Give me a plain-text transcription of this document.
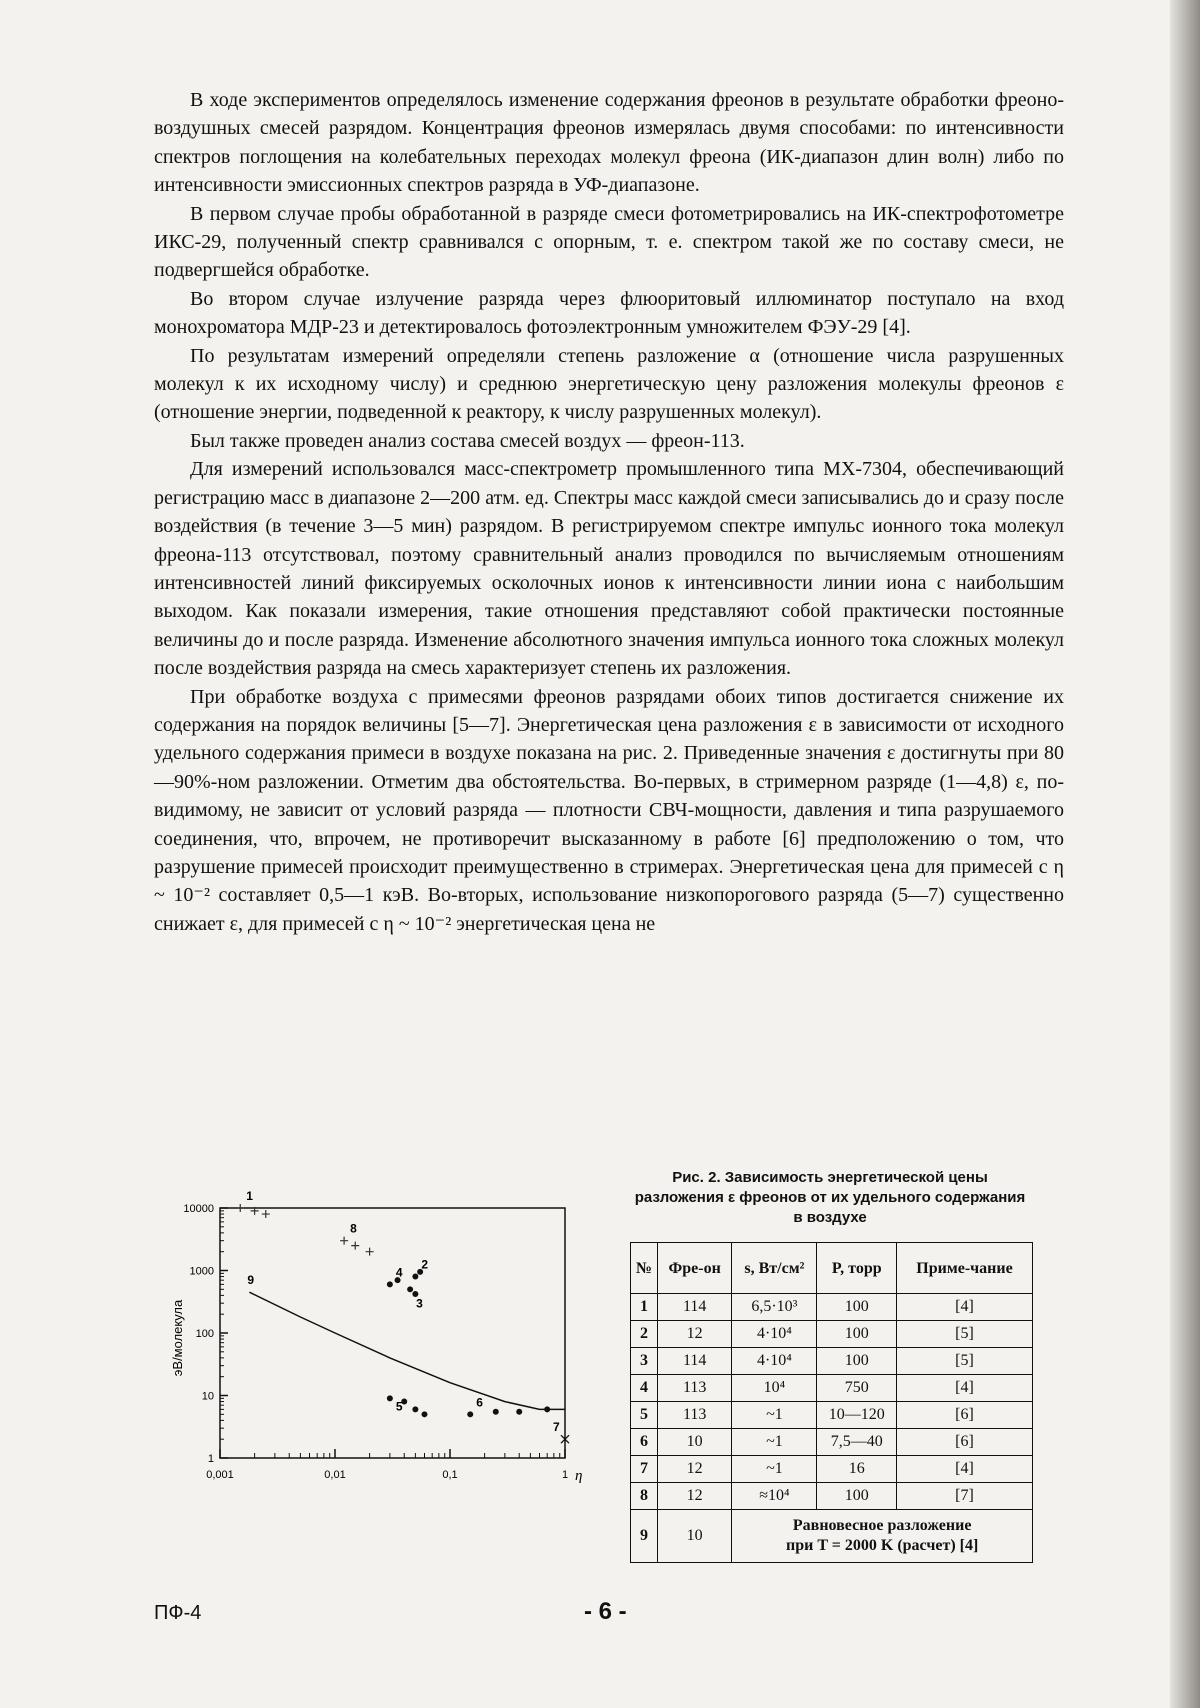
В ходе экспериментов определялось изменение содержания фреонов в результате обработки фреоно-воздушных смесей разрядом. Концентрация фреонов измерялась двумя способами: по интенсивности спектров поглощения на колебательных переходах молекул фреона (ИК-диапазон длин волн) либо по интенсивности эмиссионных спектров разряда в УФ-диапазоне.

В первом случае пробы обработанной в разряде смеси фотометрировались на ИК-спектрофотометре ИКС-29, полученный спектр сравнивался с опорным, т. е. спектром такой же по составу смеси, не подвергшейся обработке.

Во втором случае излучение разряда через флюоритовый иллюминатор поступало на вход монохроматора МДР-23 и детектировалось фотоэлектронным умножителем ФЭУ-29 [4].

По результатам измерений определяли степень разложение α (отношение числа разрушенных молекул к их исходному числу) и среднюю энергетическую цену разложения молекулы фреонов ε (отношение энергии, подведенной к реактору, к числу разрушенных молекул).

Был также проведен анализ состава смесей воздух — фреон-113.

Для измерений использовался масс-спектрометр промышленного типа МХ-7304, обеспечивающий регистрацию масс в диапазоне 2—200 атм. ед. Спектры масс каждой смеси записывались до и сразу после воздействия (в течение 3—5 мин) разрядом. В регистрируемом спектре импульс ионного тока молекул фреона-113 отсутствовал, поэтому сравнительный анализ проводился по вычисляемым отношениям интенсивностей линий фиксируемых осколочных ионов к интенсивности линии иона с наибольшим выходом. Как показали измерения, такие отношения представляют собой практически постоянные величины до и после разряда. Изменение абсолютного значения импульса ионного тока сложных молекул после воздействия разряда на смесь характеризует степень их разложения.

При обработке воздуха с примесями фреонов разрядами обоих типов достигается снижение их содержания на порядок величины [5—7]. Энергетическая цена разложения ε в зависимости от исходного удельного содержания примеси в воздухе показана на рис. 2. Приведенные значения ε достигнуты при 80—90%-ном разложении. Отметим два обстоятельства. Во-первых, в стримерном разряде (1—4,8) ε, по-видимому, не зависит от условий разряда — плотности СВЧ-мощности, давления и типа разрушаемого соединения, что, впрочем, не противоречит высказанному в работе [6] предположению о том, что разрушение примесей происходит преимущественно в стримерах. Энергетическая цена для примесей с η ~ 10⁻² составляет 0,5—1 кэВ. Во-вторых, использование низкопорогового разряда (5—7) существенно снижает ε, для примесей с η ~ 10⁻² энергетическая цена не

10000
1000
100
10
1
0,001	0,01	0,1	1
эВ/молекула
η
9
1
2
3
4
5	6
7
8
Рис. 2. Зависимость энергетической цены разложения ε фреонов от их удельного содержания в воздухе
№	Фре-он	s, Вт/см²	P, торр	Приме-чание
1	114	6,5·10³	100	[4]
2	12	4·10⁴	100	[5]
3	114	4·10⁴	100	[5]
4	113	10⁴	750	[4]
5	113	~1	10—120	[6]
6	10	~1	7,5—40	[6]
7	12	~1	16	[4]
8	12	≈10⁴	100	[7]
9	10	Равновесное разложение
при T = 2000 K (расчет) [4]		
ПФ-4	- 6 -
